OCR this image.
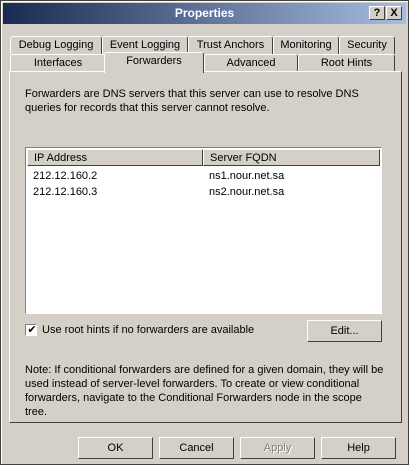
Properties	? X
Debug Logging	Event Logging	Trust Anchors	Monitoring	Security
Interfaces	Forwarders	Advanced	Root Hints
Forwarders are DNS servers that this server can use to resolve DNS queries for records that this server cannot resolve.
IP Address	Server FQDN
212.12.160.2	ns1.nour.net.sa
212.12.160.3	ns2.nour.net.sa
✔ Use root hints if no forwarders are available	Edit...
Note: If conditional forwarders are defined for a given domain, they will be used instead of server-level forwarders. To create or view conditional forwarders, navigate to the Conditional Forwarders node in the scope tree.
OK	Cancel	Apply	Help
